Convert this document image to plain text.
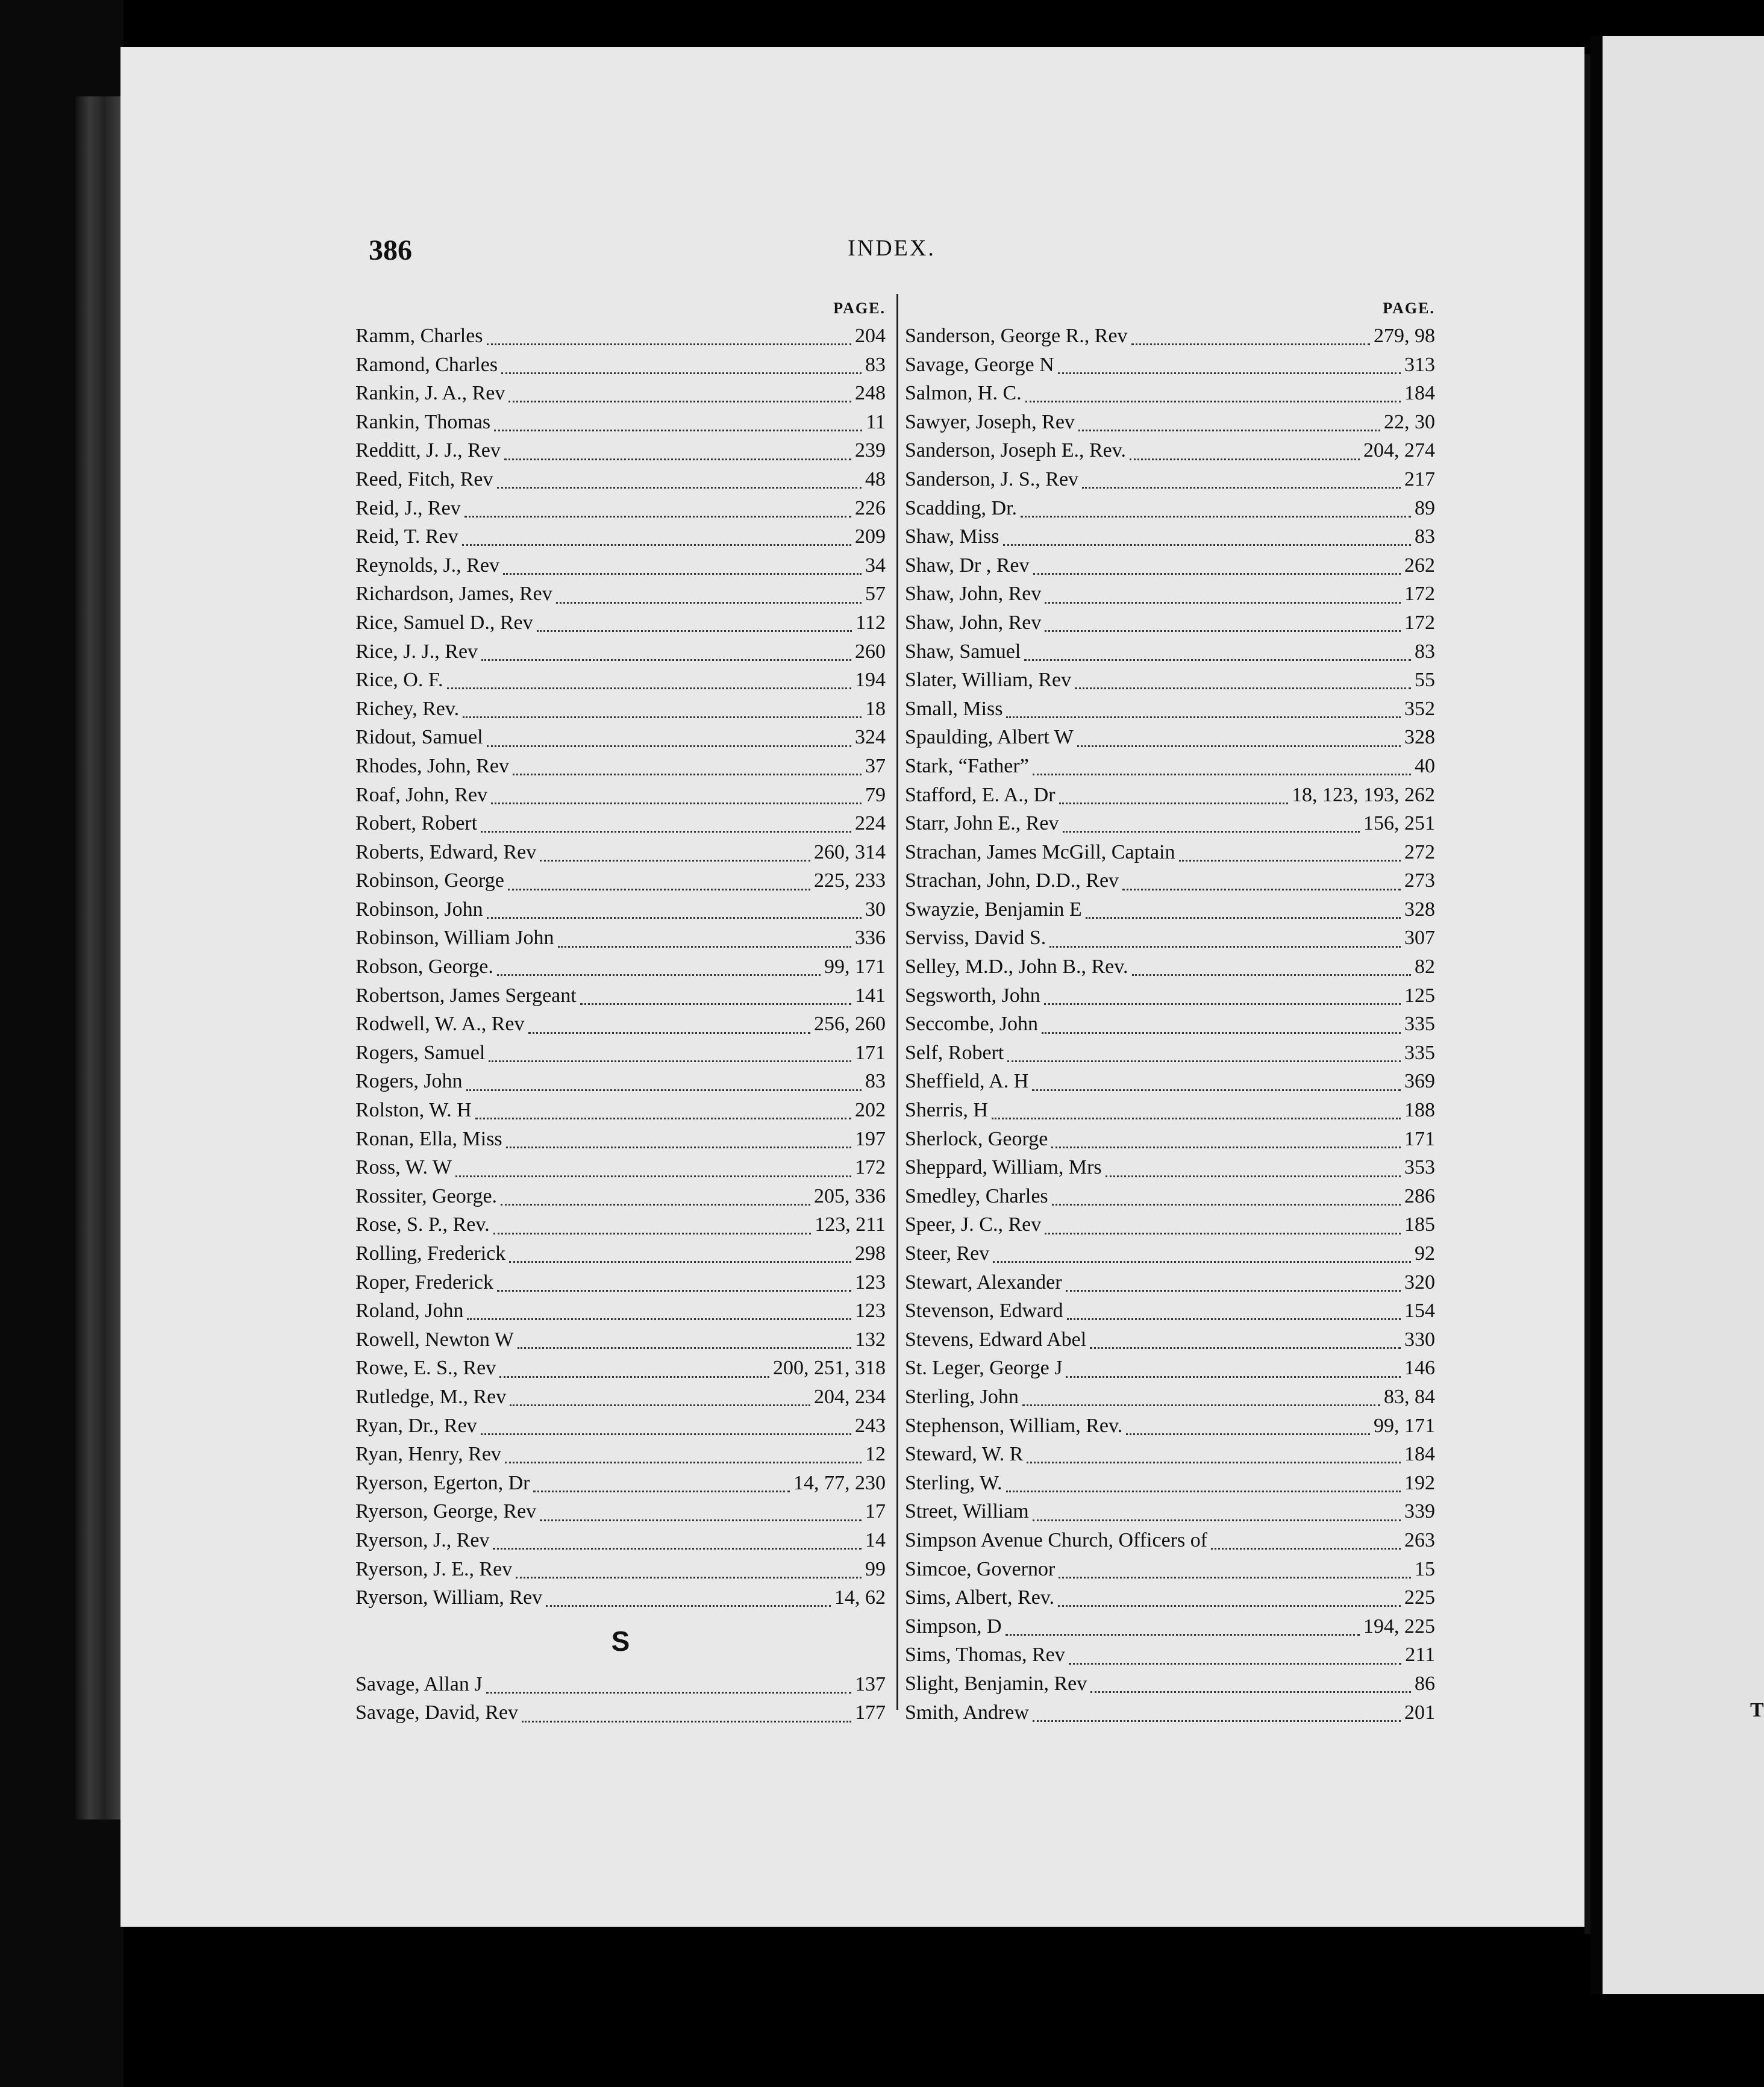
386	INDEX.
PAGE.
Ramm, Charles	204
Ramond, Charles	83
Rankin, J. A., Rev	248
Rankin, Thomas	11
Redditt, J. J., Rev	239
Reed, Fitch, Rev	48
Reid, J., Rev	226
Reid, T. Rev	209
Reynolds, J., Rev	34
Richardson, James, Rev	57
Rice, Samuel D., Rev	112
Rice, J. J., Rev	260
Rice, O. F.	194
Richey, Rev.	18
Ridout, Samuel	324
Rhodes, John, Rev	37
Roaf, John, Rev	79
Robert, Robert	224
Roberts, Edward, Rev	260, 314
Robinson, George	225, 233
Robinson, John	30
Robinson, William John	336
Robson, George.	99, 171
Robertson, James Sergeant	141
Rodwell, W. A., Rev	256, 260
Rogers, Samuel	171
Rogers, John	83
Rolston, W. H	202
Ronan, Ella, Miss	197
Ross, W. W	172
Rossiter, George.	205, 336
Rose, S. P., Rev.	123, 211
Rolling, Frederick	298
Roper, Frederick	123
Roland, John	123
Rowell, Newton W	132
Rowe, E. S., Rev	200, 251, 318
Rutledge, M., Rev	204, 234
Ryan, Dr., Rev	243
Ryan, Henry, Rev	12
Ryerson, Egerton, Dr	14, 77, 230
Ryerson, George, Rev	17
Ryerson, J., Rev	14
Ryerson, J. E., Rev	99
Ryerson, William, Rev	14, 62
S
Savage, Allan J	137
Savage, David, Rev	177
PAGE.
Sanderson, George R., Rev	279, 98
Savage, George N	313
Salmon, H. C.	184
Sawyer, Joseph, Rev	22, 30
Sanderson, Joseph E., Rev.	204, 274
Sanderson, J. S., Rev	217
Scadding, Dr.	89
Shaw, Miss	83
Shaw, Dr , Rev	262
Shaw, John, Rev	172
Shaw, John, Rev	172
Shaw, Samuel	83
Slater, William, Rev	55
Small, Miss	352
Spaulding, Albert W	328
Stark, “Father”	40
Stafford, E. A., Dr	18, 123, 193, 262
Starr, John E., Rev	156, 251
Strachan, James McGill, Captain	272
Strachan, John, D.D., Rev	273
Swayzie, Benjamin E	328
Serviss, David S.	307
Selley, M.D., John B., Rev.	82
Segsworth, John	125
Seccombe, John	335
Self, Robert	335
Sheffield, A. H	369
Sherris, H	188
Sherlock, George	171
Sheppard, William, Mrs	353
Smedley, Charles	286
Speer, J. C., Rev	185
Steer, Rev	92
Stewart, Alexander	320
Stevenson, Edward	154
Stevens, Edward Abel	330
St. Leger, George J	146
Sterling, John	83, 84
Stephenson, William, Rev.	99, 171
Steward, W. R	184
Sterling, W.	192
Street, William	339
Simpson Avenue Church, Officers of	263
Simcoe, Governor	15
Sims, Albert, Rev.	225
Simpson, D	194, 225
Sims, Thomas, Rev	211
Slight, Benjamin, Rev	86
Smith, Andrew	201	T
